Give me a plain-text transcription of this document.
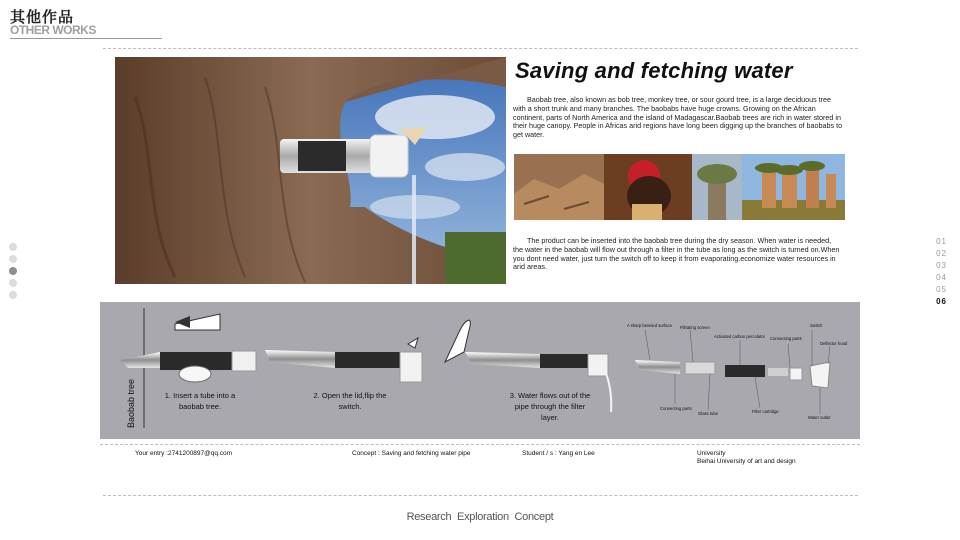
其他作品
OTHER WORKS
01
02
03
04
05
06
Saving and fetching water
Baobab tree, also known as bob tree, monkey tree, or sour gourd tree, is a large deciduous tree with a short trunk and many branches. The baobabs have huge crowns. Growing on the African continent, parts of North America and the island of Madagascar.Baobab trees are rich in water stored in their huge canopy. People in Africas arid regions have long been digging up the branches of baobabs to get water.
The product can be inserted into the baobab tree during the dry season. When water is needed, the water in the baobab will flow out through a filter in the tube as long as the switch is turned on.When you dont need water, just turn the switch off to keep it from evaporating.economize water resources in arid areas.
Baobab tree	1. Insert a tube into a baobab tree.
2. Open the lid,flip the switch.
3. Water flows out of the pipe through the filter layer.
A sharp beveled surface Filtrating screen
Activated carbon percolator Connecting parts
Switch
Deflector hood
Connecting parts
Glass tube	Filter cartridge
Water outlet
Your entry :2741200897@qq.com	Concept : Saving and fetching water pipe	Student / s : Yang en Lee	University
Beihai University of art and design
Research Exploration Concept
